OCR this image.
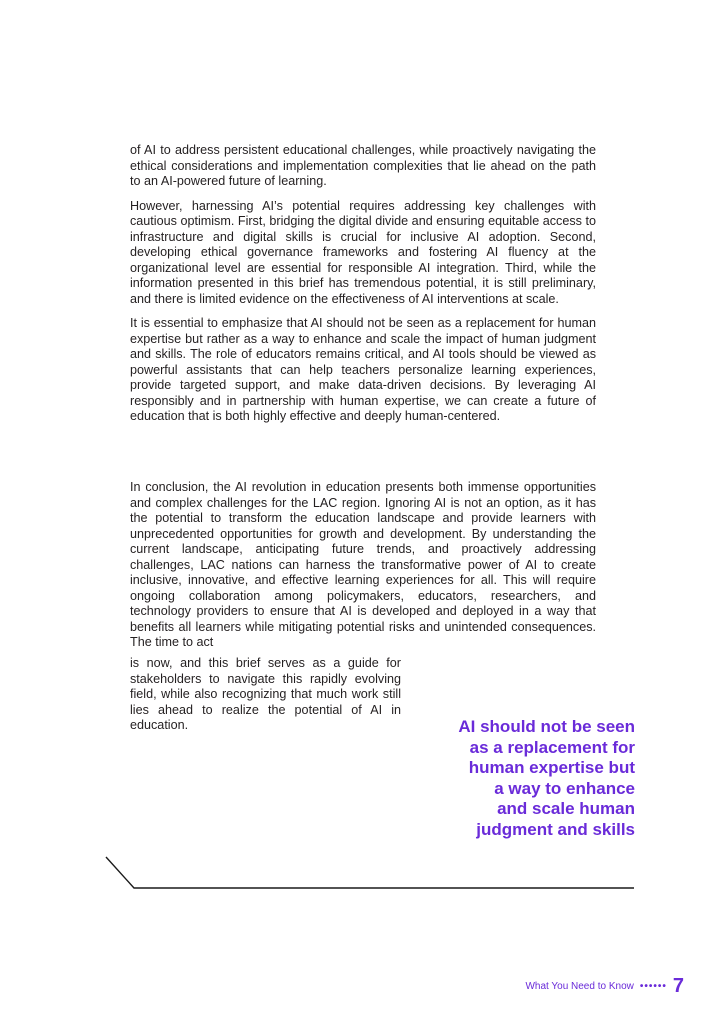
of AI to address persistent educational challenges, while proactively navigating the ethical considerations and implementation complexities that lie ahead on the path to an AI-powered future of learning.

However, harnessing AI’s potential requires addressing key challenges with cautious optimism. First, bridging the digital divide and ensuring equitable access to infrastructure and digital skills is crucial for inclusive AI adoption. Second, developing ethical governance frameworks and fostering AI fluency at the organizational level are essential for responsible AI integration. Third, while the information presented in this brief has tremendous potential, it is still preliminary, and there is limited evidence on the effectiveness of AI interventions at scale.

It is essential to emphasize that AI should not be seen as a replacement for human expertise but rather as a way to enhance and scale the impact of human judgment and skills. The role of educators remains critical, and AI tools should be viewed as powerful assistants that can help teachers personalize learning experiences, provide targeted support, and make data-driven decisions. By leveraging AI responsibly and in partnership with human expertise, we can create a future of education that is both highly effective and deeply human-centered.

In conclusion, the AI revolution in education presents both immense opportunities and complex challenges for the LAC region. Ignoring AI is not an option, as it has the potential to transform the education landscape and provide learners with unprecedented opportunities for growth and development. By understanding the current landscape, anticipating future trends, and proactively addressing challenges, LAC nations can harness the transformative power of AI to create inclusive, innovative, and effective learning experiences for all. This will require ongoing collaboration among policymakers, educators, researchers, and technology providers to ensure that AI is developed and deployed in a way that benefits all learners while mitigating potential risks and unintended consequences. The time to act

is now, and this brief serves as a guide for stakeholders to navigate this rapidly evolving field, while also recognizing that much work still lies ahead to realize the potential of AI in education.	AI should not be seen
as a replacement for
human expertise but
a way to enhance
and scale human
judgment and skills
What You Need to Know •••••• 7
